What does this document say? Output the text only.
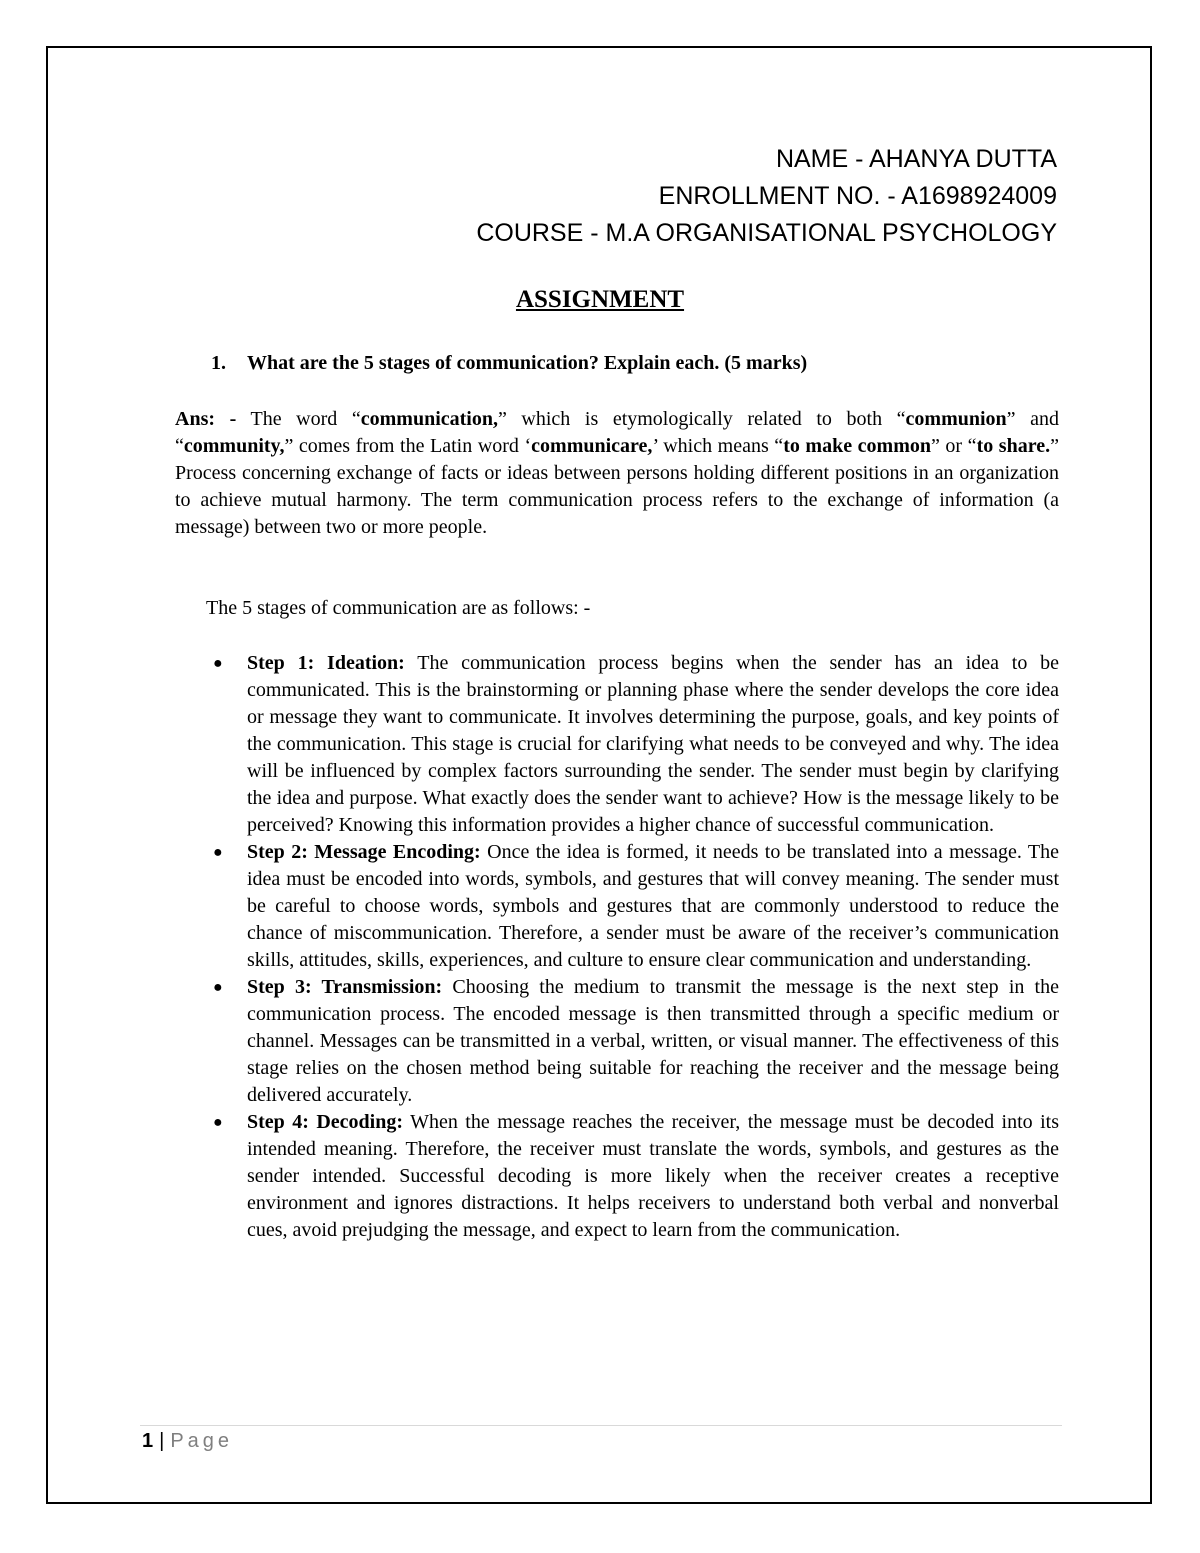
NAME - AHANYA DUTTA
ENROLLMENT NO. - A1698924009
COURSE - M.A ORGANISATIONAL PSYCHOLOGY
ASSIGNMENT
1. What are the 5 stages of communication? Explain each. (5 marks)

Ans: - The word “communication,” which is etymologically related to both “communion” and “community,” comes from the Latin word ‘communicare,’ which means “to make common” or “to share.” Process concerning exchange of facts or ideas between persons holding different positions in an organization to achieve mutual harmony. The term communication process refers to the exchange of information (a message) between two or more people.

The 5 stages of communication are as follows: -
● Step 1: Ideation: The communication process begins when the sender has an idea to be communicated. This is the brainstorming or planning phase where the sender develops the core idea or message they want to communicate. It involves determining the purpose, goals, and key points of the communication. This stage is crucial for clarifying what needs to be conveyed and why. The idea will be influenced by complex factors surrounding the sender. The sender must begin by clarifying the idea and purpose. What exactly does the sender want to achieve? How is the message likely to be perceived? Knowing this information provides a higher chance of successful communication.
● Step 2: Message Encoding: Once the idea is formed, it needs to be translated into a message. The idea must be encoded into words, symbols, and gestures that will convey meaning. The sender must be careful to choose words, symbols and gestures that are commonly understood to reduce the chance of miscommunication. Therefore, a sender must be aware of the receiver’s communication skills, attitudes, skills, experiences, and culture to ensure clear communication and understanding.
● Step 3: Transmission: Choosing the medium to transmit the message is the next step in the communication process. The encoded message is then transmitted through a specific medium or channel. Messages can be transmitted in a verbal, written, or visual manner. The effectiveness of this stage relies on the chosen method being suitable for reaching the receiver and the message being delivered accurately.
● Step 4: Decoding: When the message reaches the receiver, the message must be decoded into its intended meaning. Therefore, the receiver must translate the words, symbols, and gestures as the sender intended. Successful decoding is more likely when the receiver creates a receptive environment and ignores distractions. It helps receivers to understand both verbal and nonverbal cues, avoid prejudging the message, and expect to learn from the communication.
1 | Page
